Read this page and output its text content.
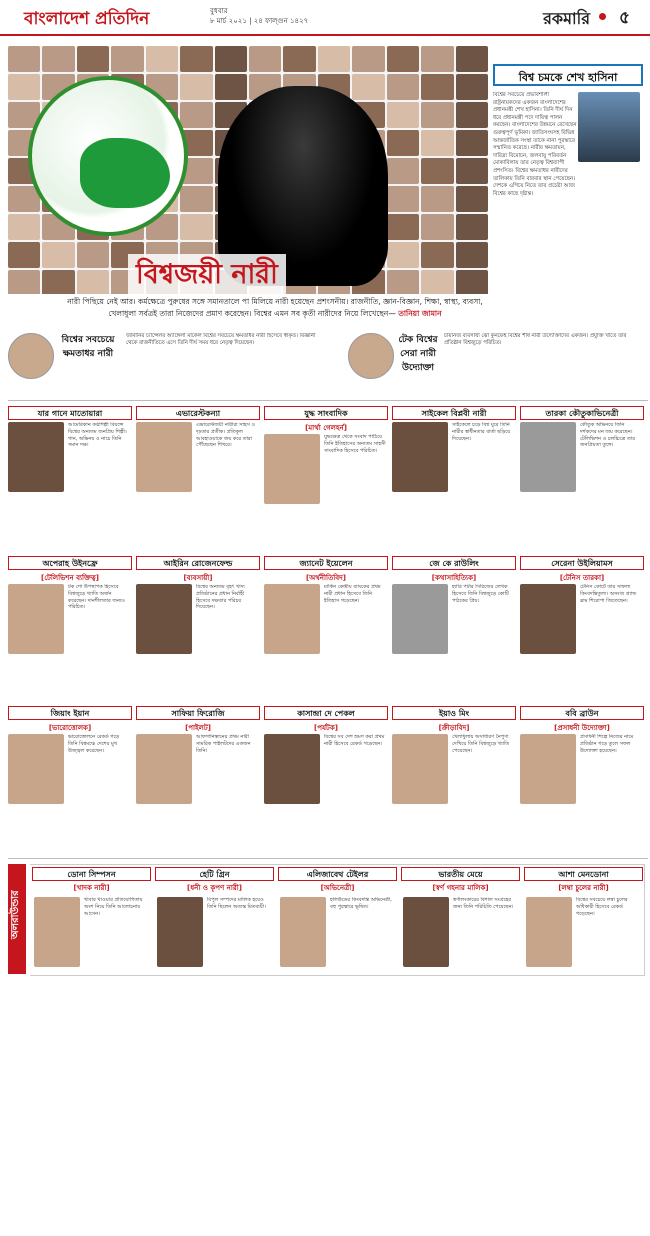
বাংলাদেশ প্রতিদিন	বুধবার
৮ মার্চ ২০২১ | ২৪ ফাল্গুন ১৪২৭	রকমারি ৫
বিশ্বজয়ী নারী
নারী পিছিয়ে নেই আর। কর্মক্ষেত্রে পুরুষের সঙ্গে সমানতালে পা মিলিয়ে নারী হয়েছেন প্রশংসনীয়। রাজনীতি, জ্ঞান-বিজ্ঞান, শিক্ষা, স্বাস্থ্য, ব্যবসা, খেলাধুলা সর্বত্রই তারা নিজেদের প্রমাণ করেছেন। বিশ্বের এমন সব কৃতী নারীদের নিয়ে লিখেছেন— তানিয়া জামান
বিশ্ব চমকে শেখ হাসিনা
বিশ্বের সবচেয়ে প্রভাবশালী রাষ্ট্রনায়কদের একজন বাংলাদেশের প্রধানমন্ত্রী শেখ হাসিনা। তিনি দীর্ঘ দিন ধরে প্রধানমন্ত্রী পদে দায়িত্ব পালন করছেন। বাংলাদেশের উন্নয়নে রেখেছেন গুরুত্বপূর্ণ ভূমিকা। জাতিসংঘসহ বিভিন্ন আন্তর্জাতিক সংস্থা তাকে নানা পুরস্কারে সম্মানিত করেছে। নারীর ক্ষমতায়ন, দারিদ্র্য বিমোচন, জলবায়ু পরিবর্তন মোকাবিলায় তার নেতৃত্ব বিশ্বব্যাপী প্রশংসিত। বিশ্বের ক্ষমতাধর নারীদের তালিকায় তিনি বারবার স্থান পেয়েছেন। দেশকে এগিয়ে নিতে তার প্রচেষ্টা আজ বিশ্বের কাছে দৃষ্টান্ত।
বিশ্বের সবচেয়ে ক্ষমতাধর নারী
জার্মানির চ্যান্সেলর অ্যাঙ্গেলা মার্কেল বিশ্বের সবচেয়ে ক্ষমতাধর নারী হিসেবে স্বীকৃত। বিজ্ঞানী থেকে রাজনীতিতে এসে তিনি দীর্ঘ সময় ধরে নেতৃত্ব দিয়েছেন।	টেক বিশ্বের সেরা নারী উদ্যোক্তা
চায়নিজ ব্যবসায়ী ঝৌ কুনফেই বিশ্বের শীর্ষ নারী উদ্যোক্তাদের একজন। প্রযুক্তি খাতে তার প্রতিষ্ঠান বিশ্বজুড়ে পরিচিত।
যার গানে মাতোয়ারা
আমেরিকান কণ্ঠশিল্পী বিয়ন্সে বিশ্বের অন্যতম জনপ্রিয় শিল্পী। গান, অভিনয় ও নাচে তিনি সমান দক্ষ।
এভারেস্টকন্যা
এভারেস্টজয়ী নারীরা সাহস ও দৃঢ়তার প্রতীক। প্রতিকূল আবহাওয়াকে জয় করে তারা পৌঁছেছেন শিখরে।
যুদ্ধ সাংবাদিক
[মার্থা গেলহর্ন]
যুদ্ধক্ষেত্র থেকে সংবাদ পাঠিয়ে তিনি ইতিহাসের অন্যতম সাহসী সাংবাদিক হিসেবে পরিচিত।
সাইকেল বিপ্লবী নারী
সাইকেলে চড়ে বিশ্ব ঘুরে তিনি নারীর স্বাধীনতার বার্তা ছড়িয়ে দিয়েছেন।
তারকা কৌতুকাভিনেত্রী
কৌতুক অভিনয়ে তিনি দর্শকদের মন জয় করেছেন। টেলিভিশন ও চলচ্চিত্রে তার জনপ্রিয়তা তুঙ্গে।
অপেরাহ উইনফ্রে
[টেলিভিশন ব্যক্তিত্ব]
টক শো উপস্থাপক হিসেবে বিশ্বজুড়ে খ্যাতি অর্জন করেছেন। দানশীলতার জন্যও পরিচিত।
আইরিন রোজেনফেল্ড
[ব্যবসায়ী]
বিশ্বের অন্যতম বৃহৎ খাদ্য প্রতিষ্ঠানের প্রধান নির্বাহী হিসেবে দক্ষতার পরিচয় দিয়েছেন।
জ্যানেট ইয়েলেন
[অর্থনীতিবিদ]
মার্কিন কেন্দ্রীয় ব্যাংকের প্রথম নারী প্রধান হিসেবে তিনি ইতিহাস গড়েছেন।
জে কে রাউলিং
[কথাসাহিত্যিক]
হ্যারি পটার সিরিজের লেখক হিসেবে তিনি বিশ্বজুড়ে কোটি পাঠকের প্রিয়।
সেরেনা উইলিয়ামস
[টেনিস তারকা]
টেনিস কোর্টে তার সাফল্য কিংবদন্তিতুল্য। অসংখ্য গ্র্যান্ড স্লাম শিরোপা জিতেছেন।
জিয়াং ইয়ান
[ভারোত্তোলক]
ভারোত্তোলনে রেকর্ড গড়ে তিনি বিশ্বমঞ্চে দেশের মুখ উজ্জ্বল করেছেন।
সাফিয়া ফিরোজি
[পাইলট]
আফগানিস্তানের প্রথম নারী সামরিক পাইলটদের একজন তিনি।
কাসান্দ্রা দে পেকল
[পর্যটক]
বিশ্বের সব দেশ ভ্রমণ করা প্রথম নারী হিসেবে রেকর্ড গড়েছেন।
ইয়াও মিং
[ক্রীড়াবিদ]
খেলাধুলায় অসাধারণ নৈপুণ্য দেখিয়ে তিনি বিশ্বজুড়ে খ্যাতি পেয়েছেন।
ববি ব্রাউন
[প্রসাধনী উদ্যোক্তা]
প্রসাধনী শিল্পে নিজের নামে প্রতিষ্ঠান গড়ে তুলে সফল উদ্যোক্তা হয়েছেন।
অলরাউন্ডার
ডোনা সিম্পসন
[খাদক নারী]
খাবার খাওয়ার প্রতিযোগিতায় অংশ নিয়ে তিনি আলোচনায় আসেন।
হেটি গ্রিন
[ধনী ও কৃপণ নারী]
বিপুল সম্পদের মালিক হয়েও তিনি ছিলেন অত্যন্ত মিতব্যয়ী।
এলিজাবেথ টেইলর
[অভিনেত্রী]
হলিউডের কিংবদন্তি অভিনেত্রী, বহু পুরস্কারে ভূষিত।
ভারতীয় মেয়ে
[স্বর্ণ গহনার মালিক]
স্বর্ণালংকারের বিশাল সংগ্রহের জন্য তিনি পরিচিতি পেয়েছেন।
আশা মেনডোনা
[লম্বা চুলের নারী]
বিশ্বের সবচেয়ে লম্বা চুলের অধিকারী হিসেবে রেকর্ড গড়েছেন।
